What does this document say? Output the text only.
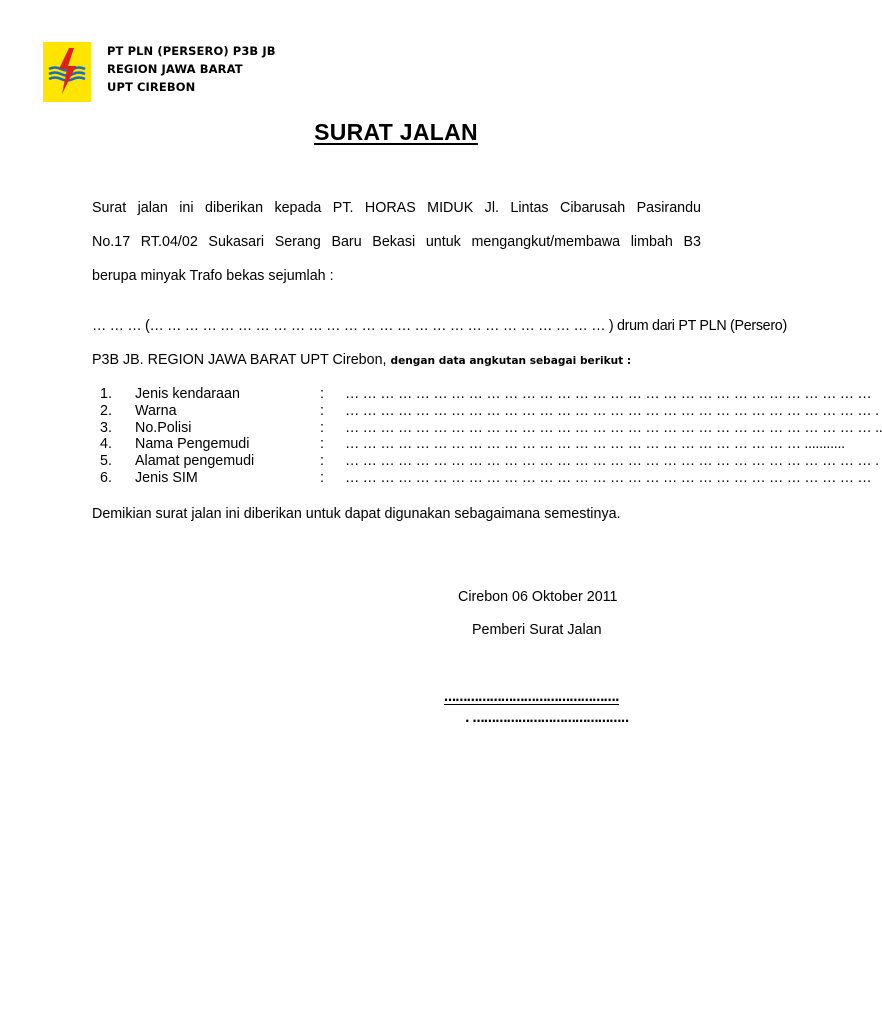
PT PLN (PERSERO) P3B JB
REGION JAWA BARAT
UPT CIREBON
SURAT JALAN
Surat jalan ini diberikan kepada PT. HORAS MIDUK Jl. Lintas Cibarusah Pasirandu
No.17 RT.04/02 Sukasari Serang Baru Bekasi untuk mengangkut/membawa limbah B3
berupa minyak Trafo bekas sejumlah :
… … … (… … … … … … … … … … … … … … … … … … … … … … … … … … ) drum dari PT PLN (Persero)
P3B JB. REGION JAWA BARAT UPT Cirebon, dengan data angkutan sebagai berikut :
1. Jenis kendaraan	: … … … … … … … … … … … … … … … … … … … … … … … … … … … … … …
2. Warna	: … … … … … … … … … … … … … … … … … … … … … … … … … … … … … … .
3. No.Polisi	: … … … … … … … … … … … … … … … … … … … … … … … … … … … … … … ..
4. Nama Pengemudi	: … … … … … … … … … … … … … … … … … … … … … … … … … … ...........
5. Alamat pengemudi	: … … … … … … … … … … … … … … … … … … … … … … … … … … … … … … .
6. Jenis SIM	: … … … … … … … … … … … … … … … … … … … … … … … … … … … … … …
Demikian surat jalan ini diberikan untuk dapat digunakan sebagaimana semestinya.
Cirebon 06 Oktober 2011
Pemberi Surat Jalan
……………………………………….
. …………………………………..
